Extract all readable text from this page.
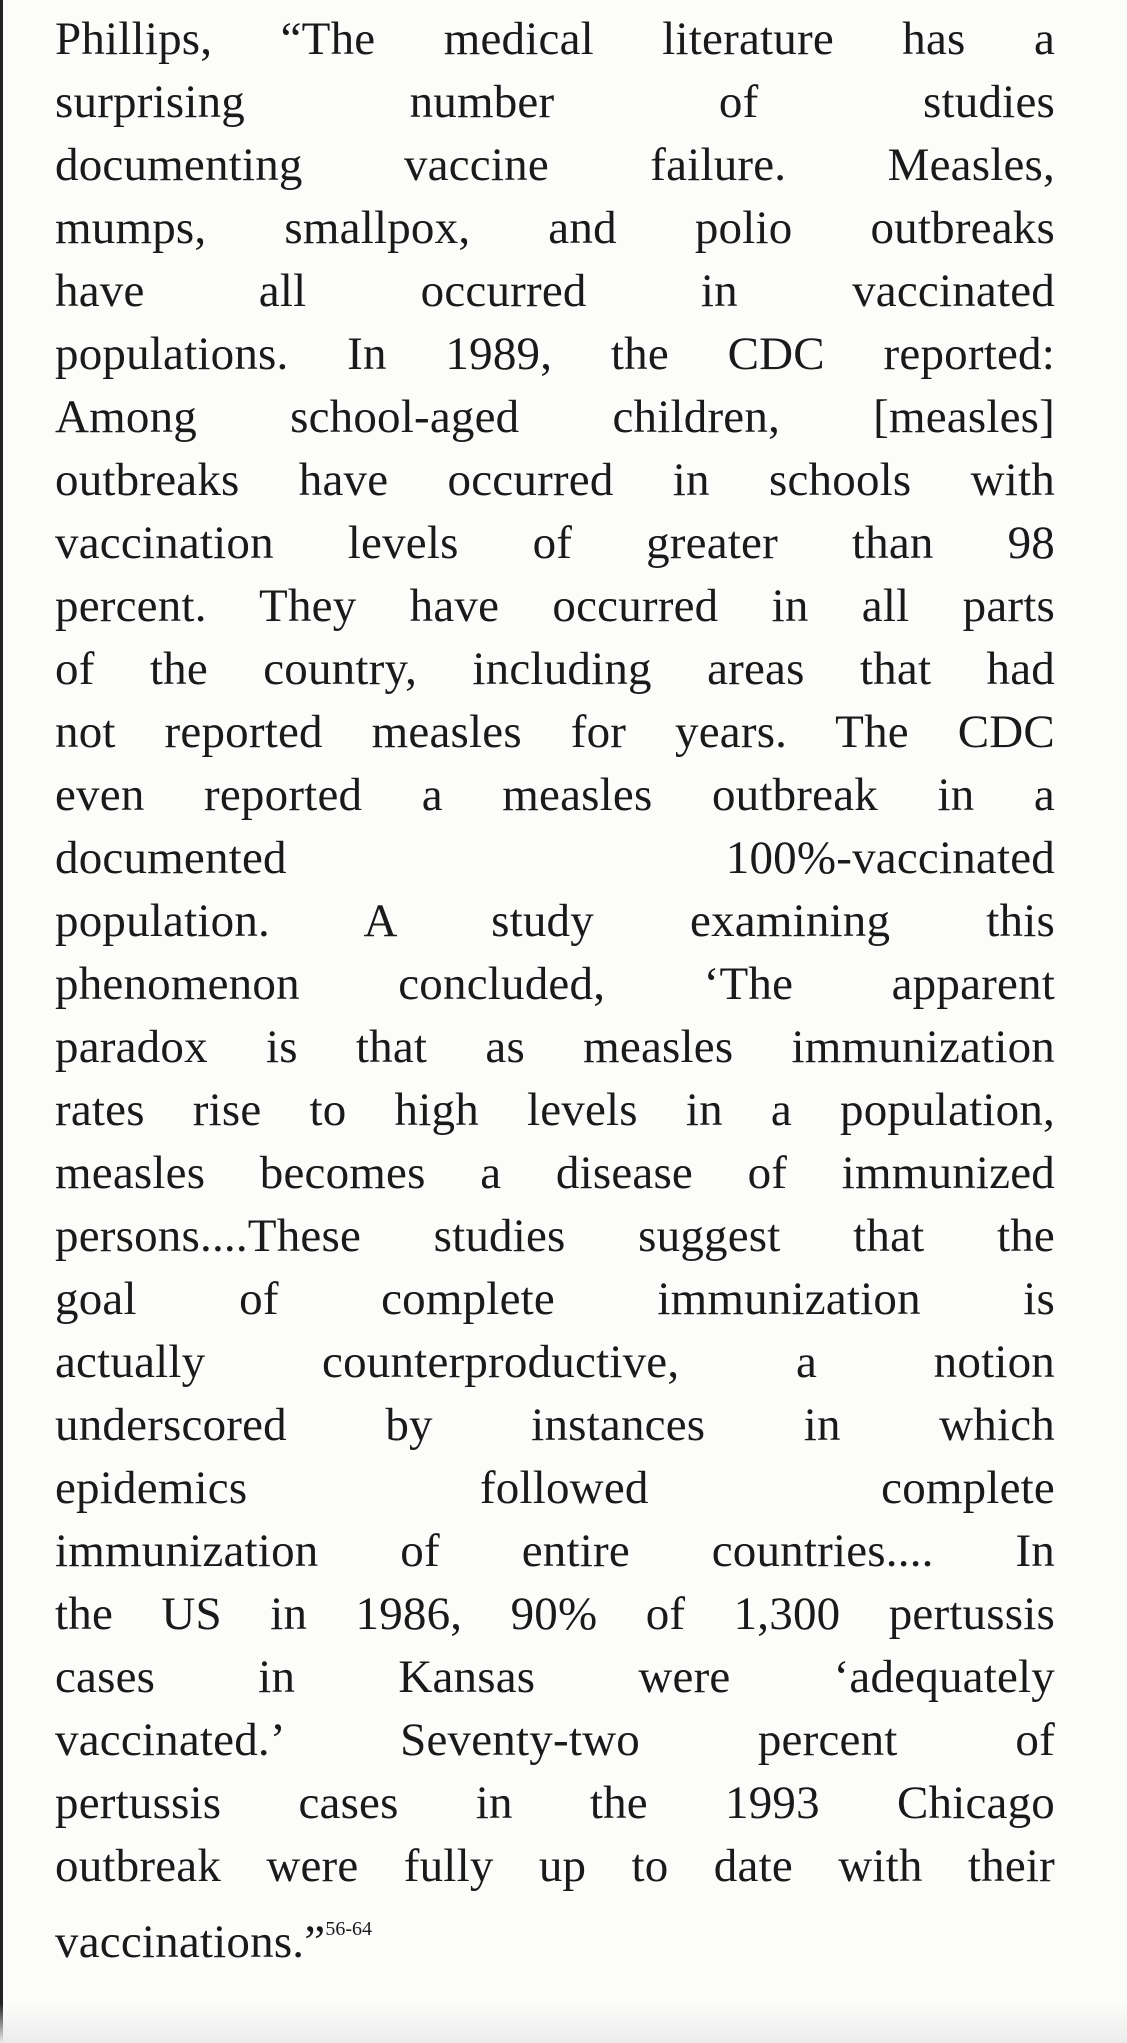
Phillips, “The medical literature has a
surprising number of studies
documenting vaccine failure. Measles,
mumps, smallpox, and polio outbreaks
have all occurred in vaccinated
populations. In 1989, the CDC reported:
Among school-aged children, [measles]
outbreaks have occurred in schools with
vaccination levels of greater than 98
percent. They have occurred in all parts
of the country, including areas that had
not reported measles for years. The CDC
even reported a measles outbreak in a
documented 100%-vaccinated
population. A study examining this
phenomenon concluded, ‘The apparent
paradox is that as measles immunization
rates rise to high levels in a population,
measles becomes a disease of immunized
persons....These studies suggest that the
goal of complete immunization is
actually counterproductive, a notion
underscored by instances in which
epidemics followed complete
immunization of entire countries.... In
the US in 1986, 90% of 1,300 pertussis
cases in Kansas were ‘adequately
vaccinated.’ Seventy-two percent of
pertussis cases in the 1993 Chicago
outbreak were fully up to date with their
vaccinations.”$^{56-64}$
